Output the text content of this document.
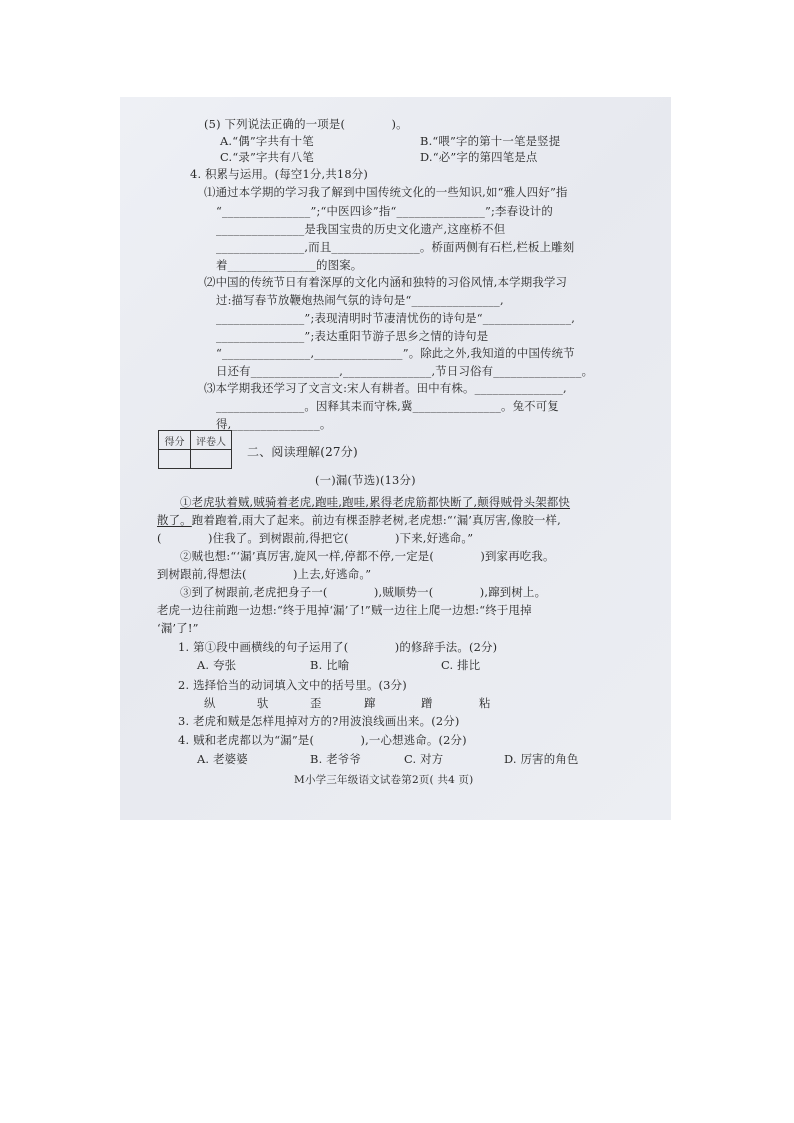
(5) 下列说法正确的一项是(　　　　)。
A.“偶”字共有十笔	B.“喂”字的第十一笔是竖提
C.“录”字共有八笔	D.“必”字的第四笔是点
4. 积累与运用。(每空1分,共18分)
⑴通过本学期的学习我了解到中国传统文化的一些知识,如“雅人四好”指
“_______________”;“中医四诊”指“_______________”;李春设计的
_______________是我国宝贵的历史文化遗产,这座桥不但
_______________,而且_______________。桥面两侧有石栏,栏板上雕刻
着_______________的图案。
⑵中国的传统节日有着深厚的文化内涵和独特的习俗风情,本学期我学习
过:描写春节放鞭炮热闹气氛的诗句是“_______________,
_______________”;表现清明时节凄清忧伤的诗句是“_______________,
_______________”;表达重阳节游子思乡之情的诗句是
“_______________,_______________”。除此之外,我知道的中国传统节
日还有_______________,_______________,节日习俗有_______________。
⑶本学期我还学习了文言文:宋人有耕者。田中有株。_______________,
_______________。因释其耒而守株,冀_______________。兔不可复
得,_______________。
得分	评卷人

二、阅读理解(27分)
(一)漏(节选)(13分)
①老虎驮着贼,贼骑着老虎,跑哇,跑哇,累得老虎筋都快断了,颠得贼骨头架都快
散了。跑着跑着,雨大了起来。前边有棵歪脖老树,老虎想:“‘漏’真厉害,像胶一样,
(　　　　)住我了。到树跟前,得把它(　　　　)下来,好逃命。”
②贼也想:“‘漏’真厉害,旋风一样,停都不停,一定是(　　　　)到家再吃我。
到树跟前,得想法(　　　　)上去,好逃命。”
③到了树跟前,老虎把身子一(　　　　),贼顺势一(　　　　),蹿到树上。
老虎一边往前跑一边想:“终于甩掉‘漏’了!”贼一边往上爬一边想:“终于甩掉
‘漏’了!”
1. 第①段中画横线的句子运用了(　　　　)的修辞手法。(2分)
A. 夸张	B. 比喻	C. 排比
2. 选择恰当的动词填入文中的括号里。(3分)
纵	驮	歪	蹿	蹭	粘
3. 老虎和贼是怎样甩掉对方的?用波浪线画出来。(2分)
4. 贼和老虎都以为“漏”是(　　　　),一心想逃命。(2分)
A. 老婆婆	B. 老爷爷	C. 对方	D. 厉害的角色
M小学三年级语文试卷第2页( 共4 页)
